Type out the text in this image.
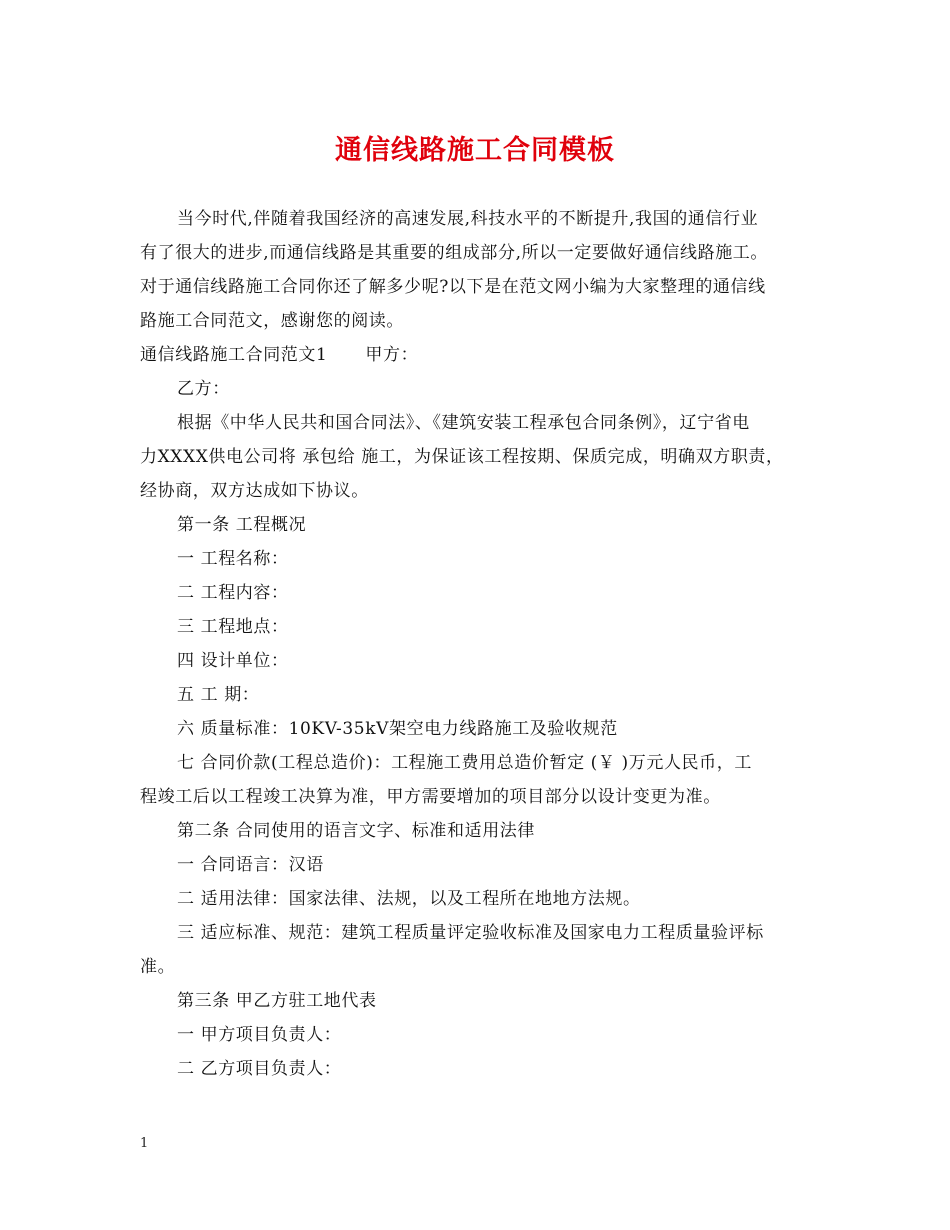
通信线路施工合同模板
当今时代,伴随着我国经济的高速发展,科技水平的不断提升,我国的通信行业
有了很大的进步,而通信线路是其重要的组成部分,所以一定要做好通信线路施工。
对于通信线路施工合同你还了解多少呢?以下是在范文网小编为大家整理的通信线
路施工合同范文，感谢您的阅读。
通信线路施工合同范文1 甲方：
乙方：
根据《中华人民共和国合同法》、《建筑安装工程承包合同条例》，辽宁省电
力XXXX供电公司将 承包给 施工，为保证该工程按期、保质完成，明确双方职责，
经协商，双方达成如下协议。
第一条 工程概况
一 工程名称：
二 工程内容：
三 工程地点：
四 设计单位：
五 工 期：
六 质量标准：10KV-35kV架空电力线路施工及验收规范
七 合同价款(工程总造价)：工程施工费用总造价暂定 (￥ )万元人民币，工
程竣工后以工程竣工决算为准，甲方需要增加的项目部分以设计变更为准。
第二条 合同使用的语言文字、标准和适用法律
一 合同语言：汉语
二 适用法律：国家法律、法规，以及工程所在地地方法规。
三 适应标准、规范：建筑工程质量评定验收标准及国家电力工程质量验评标
准。
第三条 甲乙方驻工地代表
一 甲方项目负责人：
二 乙方项目负责人：
1
